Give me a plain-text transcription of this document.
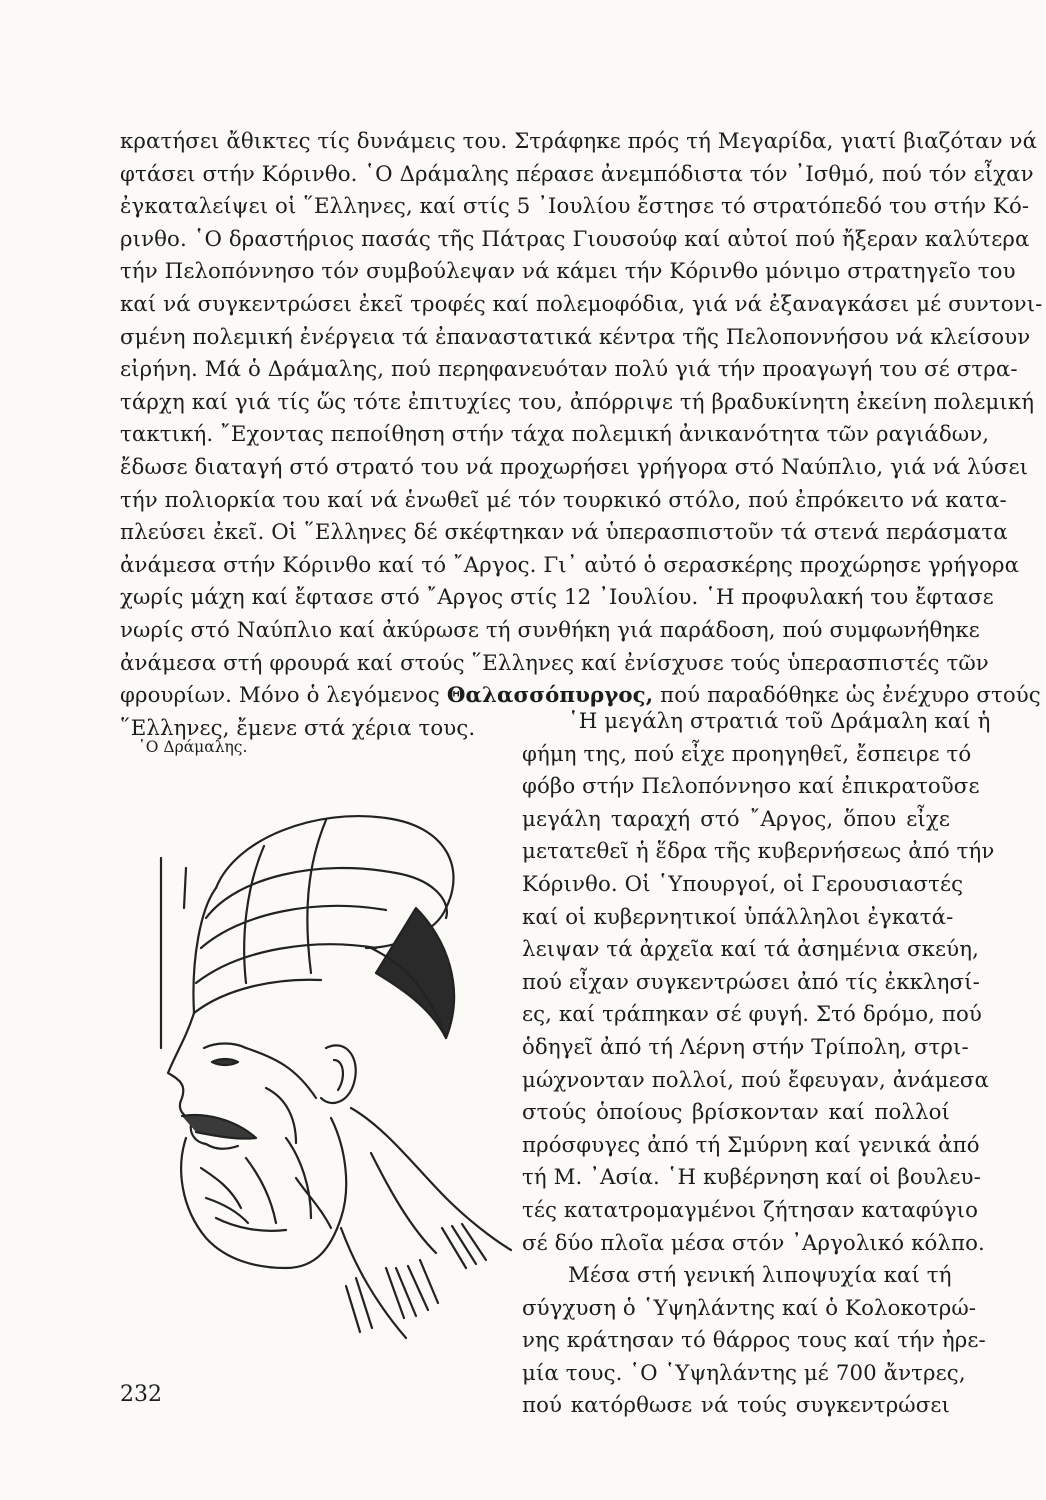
κρατήσει ἄθικτες τίς δυνάμεις του. Στράφηκε πρός τή Μεγαρίδα, γιατί βιαζόταν νά
φτάσει στήν Κόρινθο. ῾Ο Δράμαλης πέρασε ἀνεμπόδιστα τόν ᾿Ισθμό, πού τόν εἶχαν
ἐγκαταλείψει οἱ ῞Ελληνες, καί στίς 5 ᾿Ιουλίου ἔστησε τό στρατόπεδό του στήν Κό-
ρινθο. ῾Ο δραστήριος πασάς τῆς Πάτρας Γιουσούφ καί αὐτοί πού ἤξεραν καλύτερα
τήν Πελοπόννησο τόν συμβούλεψαν νά κάμει τήν Κόρινθο μόνιμο στρατηγεῖο του
καί νά συγκεντρώσει ἐκεῖ τροφές καί πολεμοφόδια, γιά νά ἐξαναγκάσει μέ συντονι-
σμένη πολεμική ἐνέργεια τά ἐπαναστατικά κέντρα τῆς Πελοποννήσου νά κλείσουν
εἰρήνη. Μά ὁ Δράμαλης, πού περηφανευόταν πολύ γιά τήν προαγωγή του σέ στρα-
τάρχη καί γιά τίς ὥς τότε ἐπιτυχίες του, ἀπόρριψε τή βραδυκίνητη ἐκείνη πολεμική
τακτική. ῎Εχοντας πεποίθηση στήν τάχα πολεμική ἀνικανότητα τῶν ραγιάδων,
ἔδωσε διαταγή στό στρατό του νά προχωρήσει γρήγορα στό Ναύπλιο, γιά νά λύσει
τήν πολιορκία του καί νά ἑνωθεῖ μέ τόν τουρκικό στόλο, πού ἐπρόκειτο νά κατα-
πλεύσει ἐκεῖ. Οἱ ῞Ελληνες δέ σκέφτηκαν νά ὑπερασπιστοῦν τά στενά περάσματα
ἀνάμεσα στήν Κόρινθο καί τό ῎Αργος. Γι᾿ αὐτό ὁ σερασκέρης προχώρησε γρήγορα
χωρίς μάχη καί ἔφτασε στό ῎Αργος στίς 12 ᾿Ιουλίου. ῾Η προφυλακή του ἔφτασε
νωρίς στό Ναύπλιο καί ἀκύρωσε τή συνθήκη γιά παράδοση, πού συμφωνήθηκε
ἀνάμεσα στή φρουρά καί στούς ῞Ελληνες καί ἐνίσχυσε τούς ὑπερασπιστές τῶν
φρουρίων. Μόνο ὁ λεγόμενος Θαλασσόπυργος, πού παραδόθηκε ὡς ἐνέχυρο στούς
῞Ελληνες, ἔμενε στά χέρια τους.
῾Ο Δράμαλης.
῾Η μεγάλη στρατιά τοῦ Δράμαλη καί ἡ
φήμη της, πού εἶχε προηγηθεῖ, ἔσπειρε τό
φόβο στήν Πελοπόννησο καί ἐπικρατοῦσε
μεγάλη ταραχή στό ῎Αργος, ὅπου εἶχε
μετατεθεῖ ἡ ἕδρα τῆς κυβερνήσεως ἀπό τήν
Κόρινθο. Οἱ ῾Υπουργοί, οἱ Γερουσιαστές
καί οἱ κυβερνητικοί ὑπάλληλοι ἐγκατά-
λειψαν τά ἀρχεῖα καί τά ἀσημένια σκεύη,
πού εἶχαν συγκεντρώσει ἀπό τίς ἐκκλησί-
ες, καί τράπηκαν σέ φυγή. Στό δρόμο, πού
ὁδηγεῖ ἀπό τή Λέρνη στήν Τρίπολη, στρι-
μώχνονταν πολλοί, πού ἔφευγαν, ἀνάμεσα
στούς ὁποίους βρίσκονταν καί πολλοί
πρόσφυγες ἀπό τή Σμύρνη καί γενικά ἀπό
τή Μ. ᾿Ασία. ῾Η κυβέρνηση καί οἱ βουλευ-
τές κατατρομαγμένοι ζήτησαν καταφύγιο
σέ δύο πλοῖα μέσα στόν ᾿Αργολικό κόλπο.
Μέσα στή γενική λιποψυχία καί τή
σύγχυση ὁ ῾Υψηλάντης καί ὁ Κολοκοτρώ-
νης κράτησαν τό θάρρος τους καί τήν ἠρε-
μία τους. ῾Ο ῾Υψηλάντης μέ 700 ἄντρες,
πού κατόρθωσε νά τούς συγκεντρώσει
232
